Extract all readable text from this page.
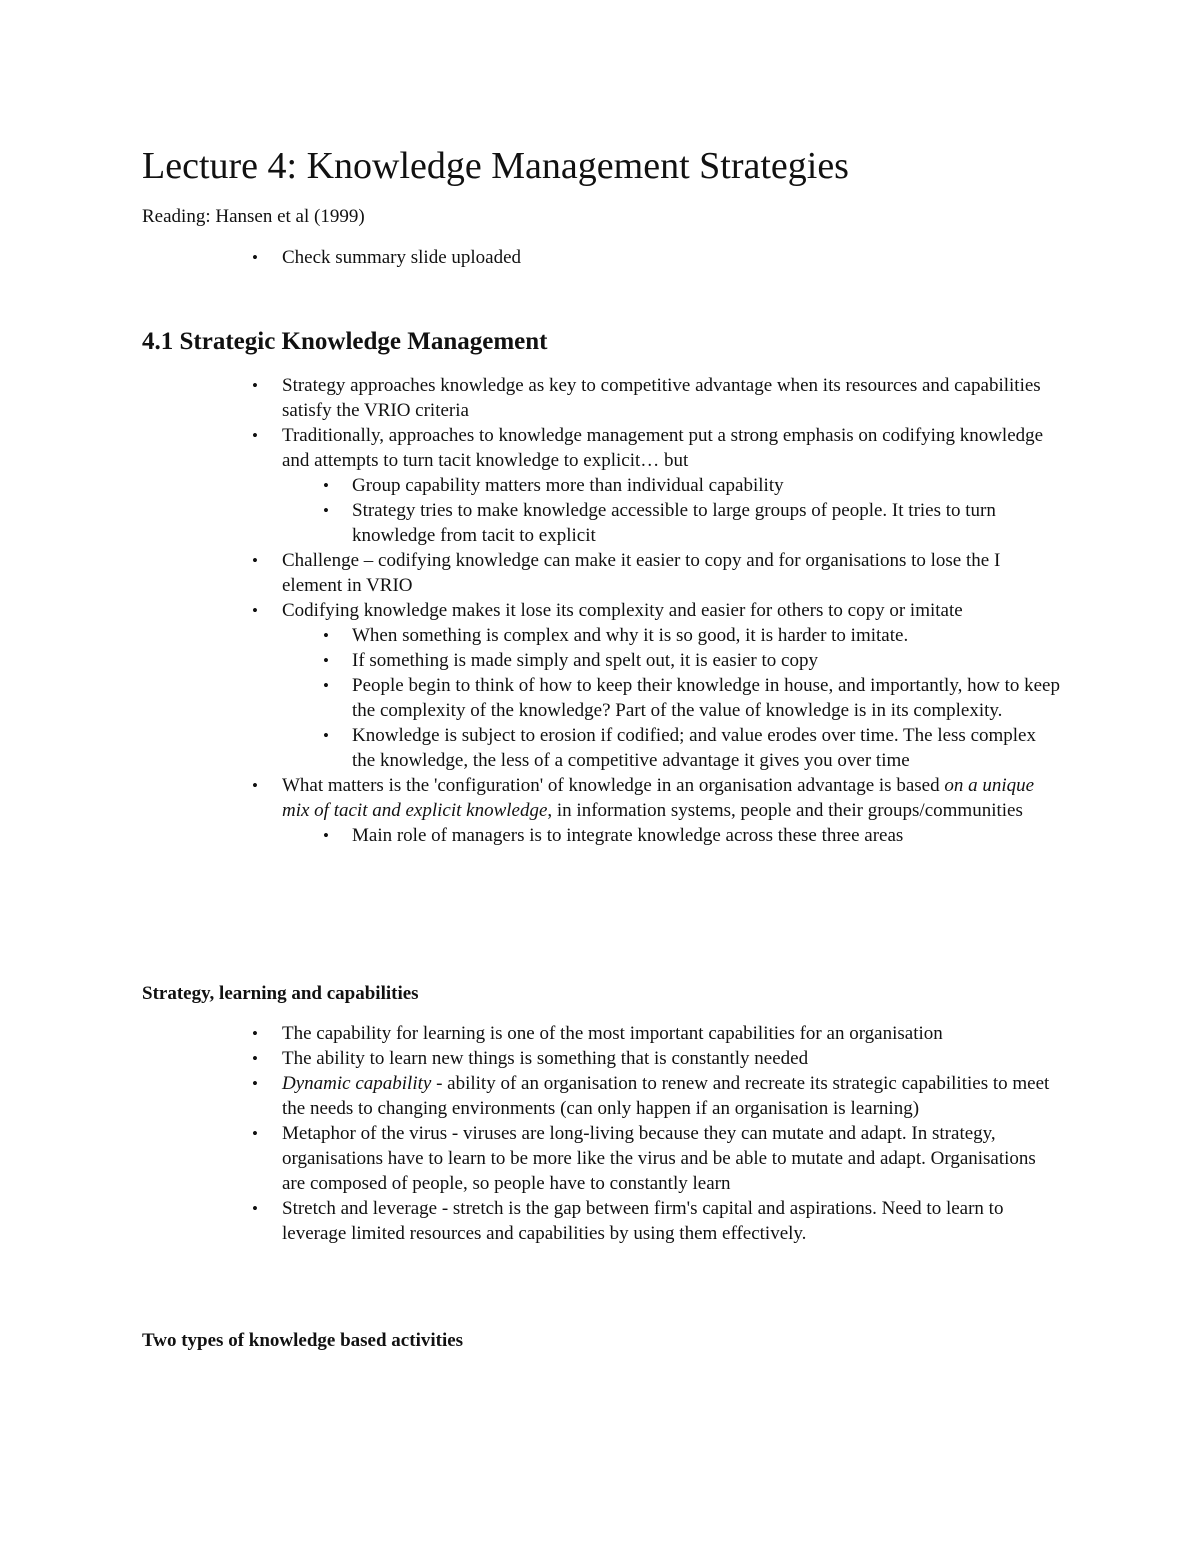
Lecture 4: Knowledge Management Strategies

Reading: Hansen et al (1999)

•	Check summary slide uploaded
4.1 Strategic Knowledge Management
•	Strategy approaches knowledge as key to competitive advantage when its resources and capabilities satisfy the VRIO criteria
•	Traditionally, approaches to knowledge management put a strong emphasis on codifying knowledge and attempts to turn tacit knowledge to explicit… but
•	Group capability matters more than individual capability
•	Strategy tries to make knowledge accessible to large groups of people. It tries to turn knowledge from tacit to explicit
•	Challenge – codifying knowledge can make it easier to copy and for organisations to lose the I element in VRIO
•	Codifying knowledge makes it lose its complexity and easier for others to copy or imitate
•	When something is complex and why it is so good, it is harder to imitate.
•	If something is made simply and spelt out, it is easier to copy
•	People begin to think of how to keep their knowledge in house, and importantly, how to keep the complexity of the knowledge? Part of the value of knowledge is in its complexity.
•	Knowledge is subject to erosion if codified; and value erodes over time. The less complex the knowledge, the less of a competitive advantage it gives you over time
•	What matters is the 'configuration' of knowledge in an organisation advantage is based on a unique mix of tacit and explicit knowledge, in information systems, people and their groups/communities
•	Main role of managers is to integrate knowledge across these three areas
Strategy, learning and capabilities
•	The capability for learning is one of the most important capabilities for an organisation
•	The ability to learn new things is something that is constantly needed
•	Dynamic capability - ability of an organisation to renew and recreate its strategic capabilities to meet the needs to changing environments (can only happen if an organisation is learning)
•	Metaphor of the virus - viruses are long-living because they can mutate and adapt. In strategy, organisations have to learn to be more like the virus and be able to mutate and adapt. Organisations are composed of people, so people have to constantly learn
•	Stretch and leverage - stretch is the gap between firm's capital and aspirations. Need to learn to leverage limited resources and capabilities by using them effectively.
Two types of knowledge based activities
